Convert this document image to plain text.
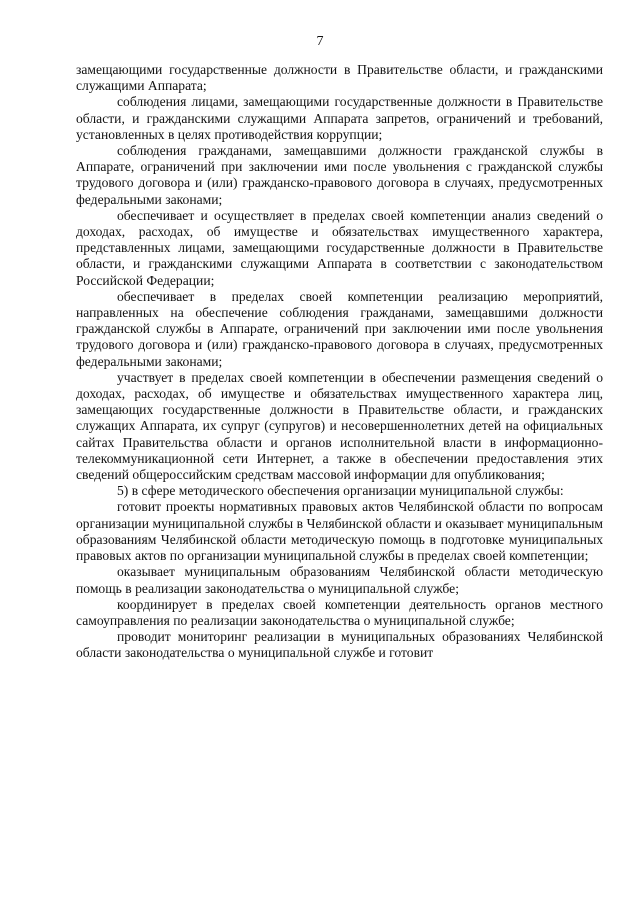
7

замещающими государственные должности в Правительстве области, и гражданскими служащими Аппарата;

соблюдения лицами, замещающими государственные должности в Правительстве области, и гражданскими служащими Аппарата запретов, ограничений и требований, установленных в целях противодействия коррупции;

соблюдения гражданами, замещавшими должности гражданской службы в Аппарате, ограничений при заключении ими после увольнения с гражданской службы трудового договора и (или) гражданско-правового договора в случаях, предусмотренных федеральными законами;

обеспечивает и осуществляет в пределах своей компетенции анализ сведений о доходах, расходах, об имуществе и обязательствах имущественного характера, представленных лицами, замещающими государственные должности в Правительстве области, и гражданскими служащими Аппарата в соответствии с законодательством Российской Федерации;

обеспечивает в пределах своей компетенции реализацию мероприятий, направленных на обеспечение соблюдения гражданами, замещавшими должности гражданской службы в Аппарате, ограничений при заключении ими после увольнения трудового договора и (или) гражданско-правового договора в случаях, предусмотренных федеральными законами;

участвует в пределах своей компетенции в обеспечении размещения сведений о доходах, расходах, об имуществе и обязательствах имущественного характера лиц, замещающих государственные должности в Правительстве области, и гражданских служащих Аппарата, их супруг (супругов) и несовершеннолетних детей на официальных сайтах Правительства области и органов исполнительной власти в информационно-телекоммуникационной сети Интернет, а также в обеспечении предоставления этих сведений общероссийским средствам массовой информации для опубликования;

5) в сфере методического обеспечения организации муниципальной службы:

готовит проекты нормативных правовых актов Челябинской области по вопросам организации муниципальной службы в Челябинской области и оказывает муниципальным образованиям Челябинской области методическую помощь в подготовке муниципальных правовых актов по организации муниципальной службы в пределах своей компетенции;

оказывает муниципальным образованиям Челябинской области методическую помощь в реализации законодательства о муниципальной службе;

координирует в пределах своей компетенции деятельность органов местного самоуправления по реализации законодательства о муниципальной службе;

проводит мониторинг реализации в муниципальных образованиях Челябинской области законодательства о муниципальной службе и готовит
